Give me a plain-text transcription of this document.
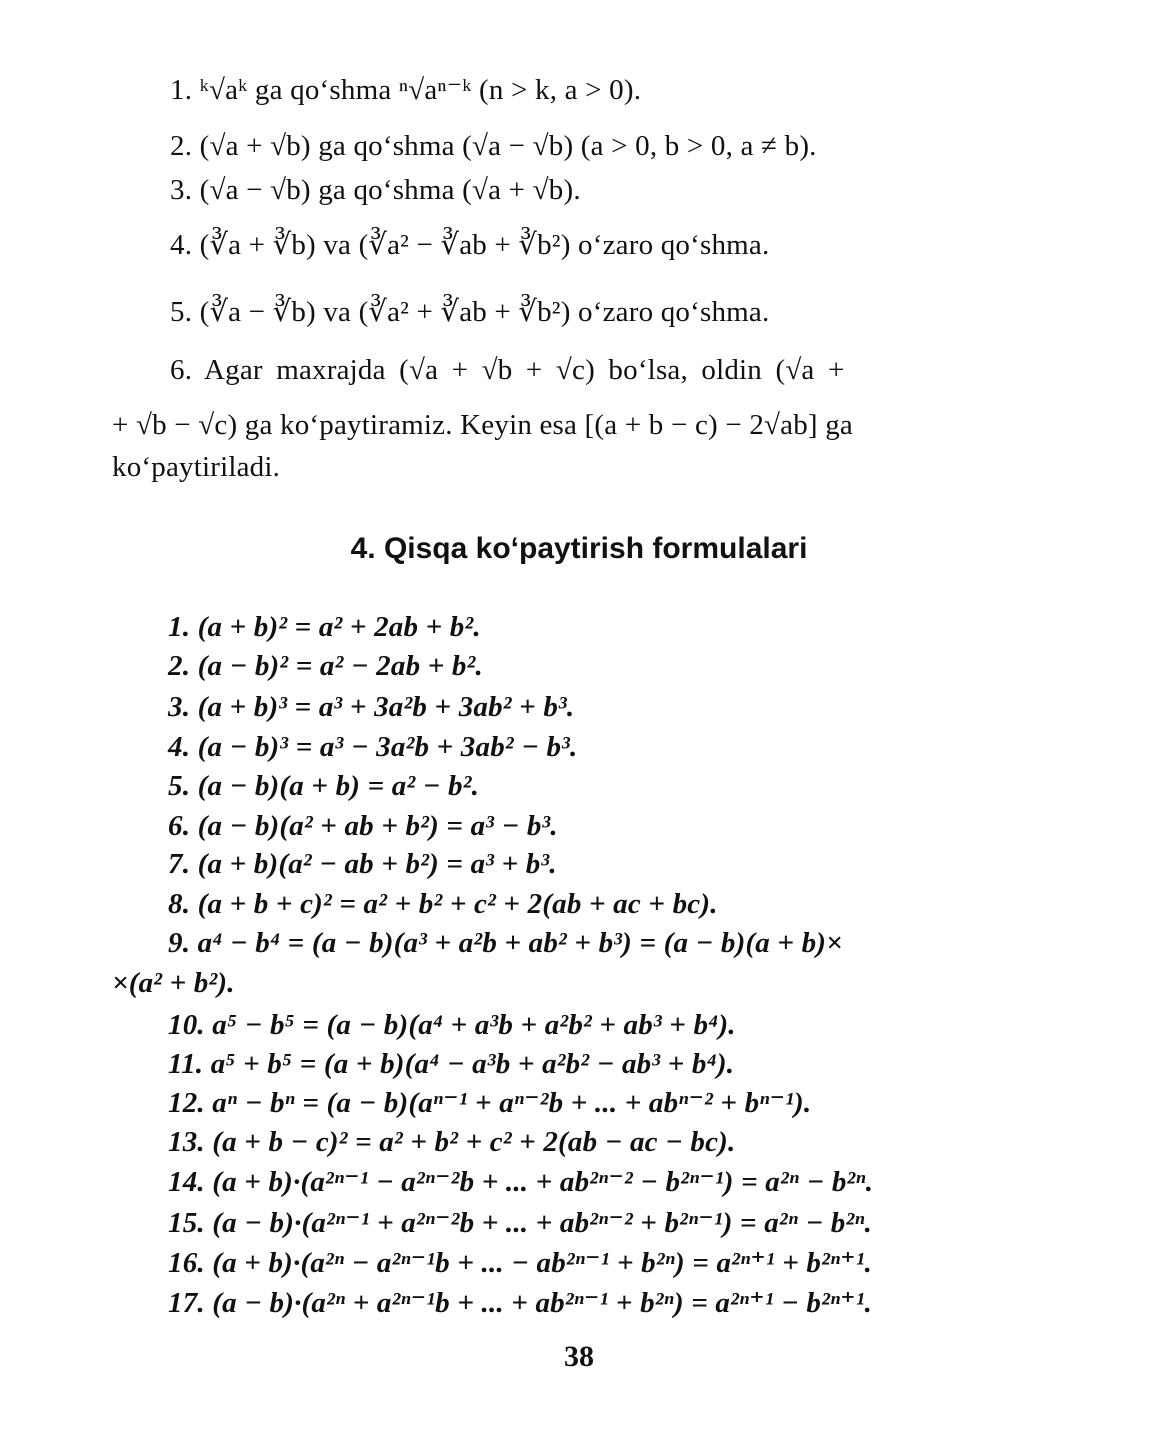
1. ᵏ√aᵏ ga qo‘shma ⁿ√aⁿ⁻ᵏ (n > k, a > 0).
2. (√a + √b) ga qo‘shma (√a − √b) (a > 0, b > 0, a ≠ b).
3. (√a − √b) ga qo‘shma (√a + √b).
4. (∛a + ∛b) va (∛a² − ∛ab + ∛b²) o‘zaro qo‘shma.
5. (∛a − ∛b) va (∛a² + ∛ab + ∛b²) o‘zaro qo‘shma.
6. Agar maxrajda (√a + √b + √c) bo‘lsa, oldin (√a +
+ √b − √c) ga ko‘paytiramiz. Keyin esa [(a + b − c) − 2√ab] ga
ko‘paytiriladi.
4. Qisqa ko‘paytirish formulalari
1. (a + b)² = a² + 2ab + b².
2. (a − b)² = a² − 2ab + b².
3. (a + b)³ = a³ + 3a²b + 3ab² + b³.
4. (a − b)³ = a³ − 3a²b + 3ab² − b³.
5. (a − b)(a + b) = a² − b².
6. (a − b)(a² + ab + b²) = a³ − b³.
7. (a + b)(a² − ab + b²) = a³ + b³.
8. (a + b + c)² = a² + b² + c² + 2(ab + ac + bc).
9. a⁴ − b⁴ = (a − b)(a³ + a²b + ab² + b³) = (a − b)(a + b)×
×(a² + b²).
10. a⁵ − b⁵ = (a − b)(a⁴ + a³b + a²b² + ab³ + b⁴).
11. a⁵ + b⁵ = (a + b)(a⁴ − a³b + a²b² − ab³ + b⁴).
12. aⁿ − bⁿ = (a − b)(aⁿ⁻¹ + aⁿ⁻²b + ... + abⁿ⁻² + bⁿ⁻¹).
13. (a + b − c)² = a² + b² + c² + 2(ab − ac − bc).
14. (a + b)·(a²ⁿ⁻¹ − a²ⁿ⁻²b + ... + ab²ⁿ⁻² − b²ⁿ⁻¹) = a²ⁿ − b²ⁿ.
15. (a − b)·(a²ⁿ⁻¹ + a²ⁿ⁻²b + ... + ab²ⁿ⁻² + b²ⁿ⁻¹) = a²ⁿ − b²ⁿ.
16. (a + b)·(a²ⁿ − a²ⁿ⁻¹b + ... − ab²ⁿ⁻¹ + b²ⁿ) = a²ⁿ⁺¹ + b²ⁿ⁺¹.
17. (a − b)·(a²ⁿ + a²ⁿ⁻¹b + ... + ab²ⁿ⁻¹ + b²ⁿ) = a²ⁿ⁺¹ − b²ⁿ⁺¹.
38
